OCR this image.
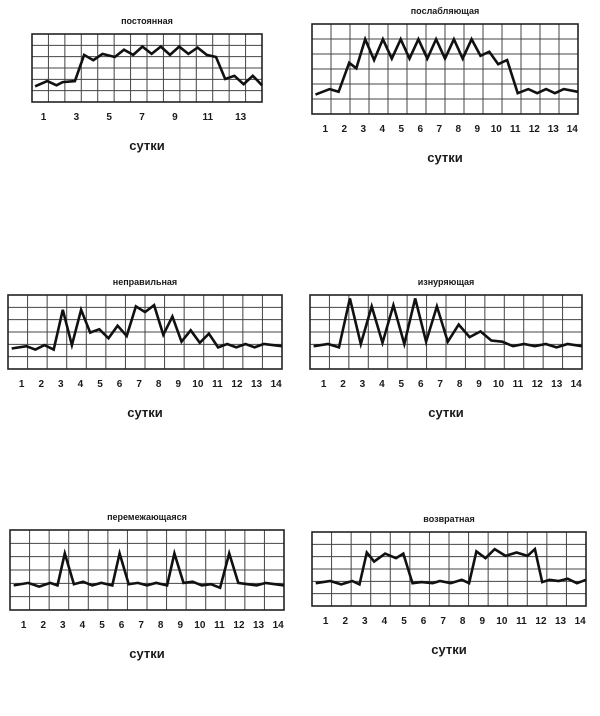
постоянная
1	3	5	7	9 11 13
сутки
послабляющая
1 2 3 4 5 6 7 8 9 10 11 12 13 14
сутки
неправильная
1 2 3 4 5 6 7 8 9 10 11 12 13 14
сутки
изнуряющая
1 2 3 4 5 6 7 8 9 10 11 12 13 14
сутки
перемежающаяся
1 2 3 4 5 6 7 8 9 10 11 12 13 14
сутки
возвратная
1 2 3 4 5 6 7 8 9 10 11 12 13 14
сутки
